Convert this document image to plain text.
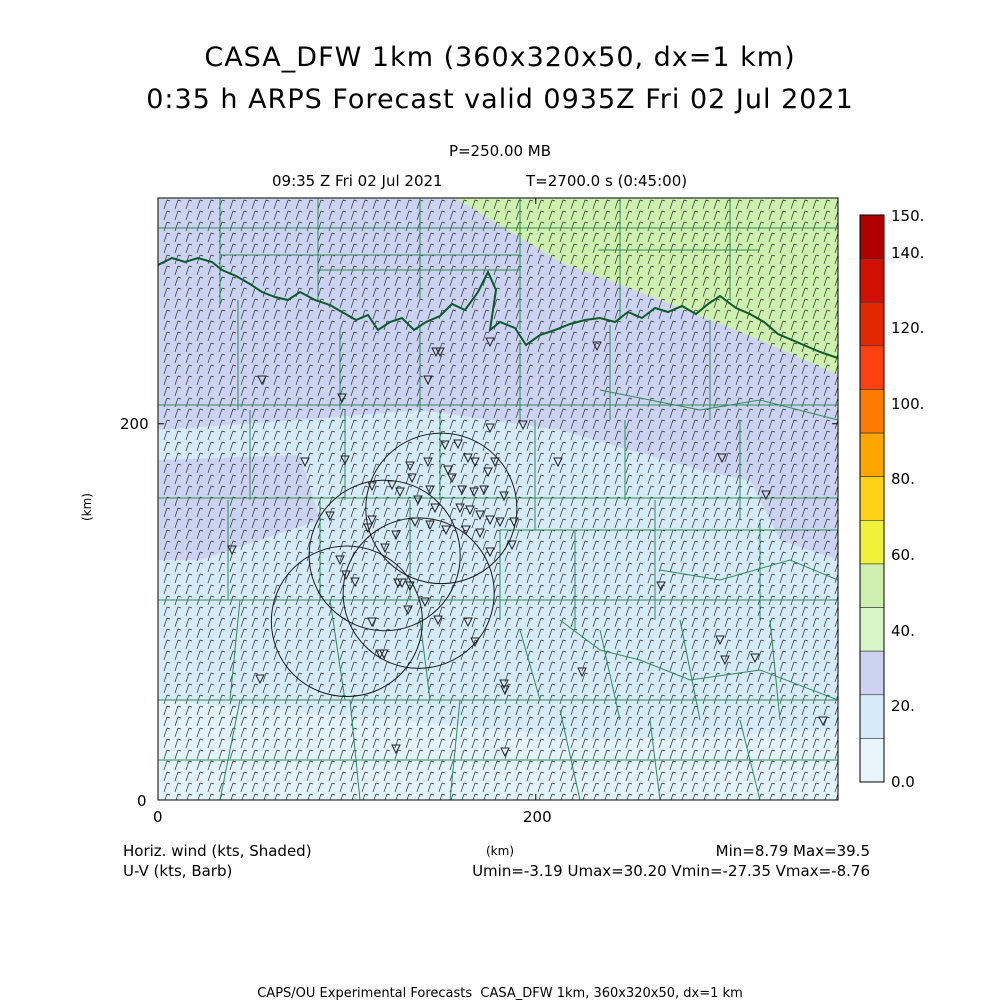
CASA_DFW 1km (360x320x50, dx=1 km)
0:35 h ARPS Forecast valid 0935Z Fri 02 Jul 2021
P=250.00 MB
09:35 Z Fri 02 Jul 2021	T=2700.0 s (0:45:00)
200
0
0	200
(km)
(km)
Horiz. wind (kts, Shaded)
U-V (kts, Barb)
Min=8.79 Max=39.5
Umin=-3.19 Umax=30.20 Vmin=-27.35 Vmax=-8.76
CAPS/OU Experimental Forecasts  CASA_DFW 1km, 360x320x50, dx=1 km
150.
140.
120.
100.
80.
60.
40.
20.
0.0
